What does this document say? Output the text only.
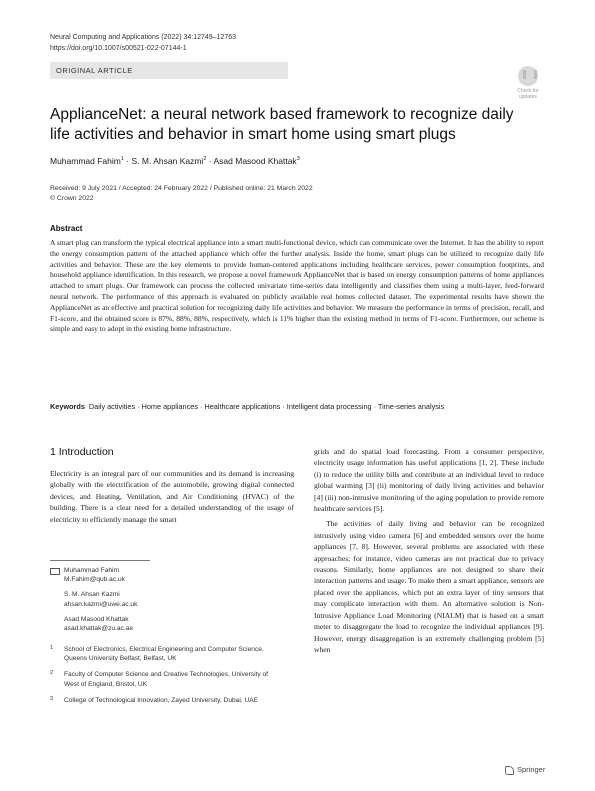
Neural Computing and Applications (2022) 34:12749–12763
https://doi.org/10.1007/s00521-022-07144-1
ORIGINAL ARTICLE
Check for updates
ApplianceNet: a neural network based framework to recognize daily life activities and behavior in smart home using smart plugs
Muhammad Fahim$^1$ · S. M. Ahsan Kazmi$^2$ · Asad Masood Khattak$^3$
Received: 9 July 2021 / Accepted: 24 February 2022 / Published online: 21 March 2022
© Crown 2022
Abstract
A smart plug can transform the typical electrical appliance into a smart multi-functional device, which can communicate over the Internet. It has the ability to report the energy consumption pattern of the attached appliance which offer the further analysis. Inside the home, smart plugs can be utilized to recognize daily life activities and behavior. These are the key elements to provide human-centered applications including healthcare services, power consumption footprints, and household appliance identification. In this research, we propose a novel framework ApplianceNet that is based on energy consumption patterns of home appliances attached to smart plugs. Our framework can process the collected univariate time-series data intelligently and classifies them using a multi-layer, feed-forward neural network. The performance of this approach is evaluated on publicly available real homes collected dataset. The experimental results have shown the ApplianceNet as an effective and practical solution for recognizing daily life activities and behavior. We measure the performance in terms of precision, recall, and F1-score, and the obtained score is 87%, 88%, 88%, respectively, which is 11% higher than the existing method in terms of F1-score. Furthermore, our scheme is simple and easy to adopt in the existing home infrastructure.
Keywords Daily activities · Home appliances · Healthcare applications · Intelligent data processing · Time-series analysis
1 Introduction

Electricity is an integral part of our communities and its demand is increasing globally with the electrification of the automobile, growing digital connected devices, and Heating, Ventilation, and Air Conditioning (HVAC) of the building. There is a clear need for a detailed understanding of the usage of electricity to efficiently manage the smart

grids and do spatial load forecasting. From a consumer perspective, electricity usage information has useful applications [1, 2]. These include (i) to reduce the utility bills and contribute at an individual level to reduce global warming [3] (ii) monitoring of daily living activities and behavior [4] (iii) non-intrusive monitoring of the aging population to provide remote healthcare services [5].

The activities of daily living and behavior can be recognized intrusively using video camera [6] and embedded sensors over the home appliances [7, 8]. However, several problems are associated with these approaches; for instance, video cameras are not practical due to privacy reasons. Similarly, home appliances are not designed to share their interaction patterns and usage. To make them a smart appliance, sensors are placed over the appliances, which put an extra layer of tiny sensors that may complicate interaction with them. An alternative solution is Non-Intrusive Appliance Load Monitoring (NIALM) that is based on a smart meter to disaggregate the load to recognize the individual appliances [9]. However, energy disaggregation is an extremely challenging problem [5] when

Muhammad Fahim
M.Fahim@qub.ac.uk
S. M. Ahsan Kazmi
ahsan.kazmi@uwe.ac.uk
Asad Masood Khattak
asad.khattak@zu.ac.ae
1 School of Electronics, Electrical Engineering and Computer Science, Queens University Belfast, Belfast, UK
2 Faculty of Computer Science and Creative Technologies, University of West of England, Bristol, UK
3 College of Technological Innovation, Zayed University, Dubai, UAE
Springer
